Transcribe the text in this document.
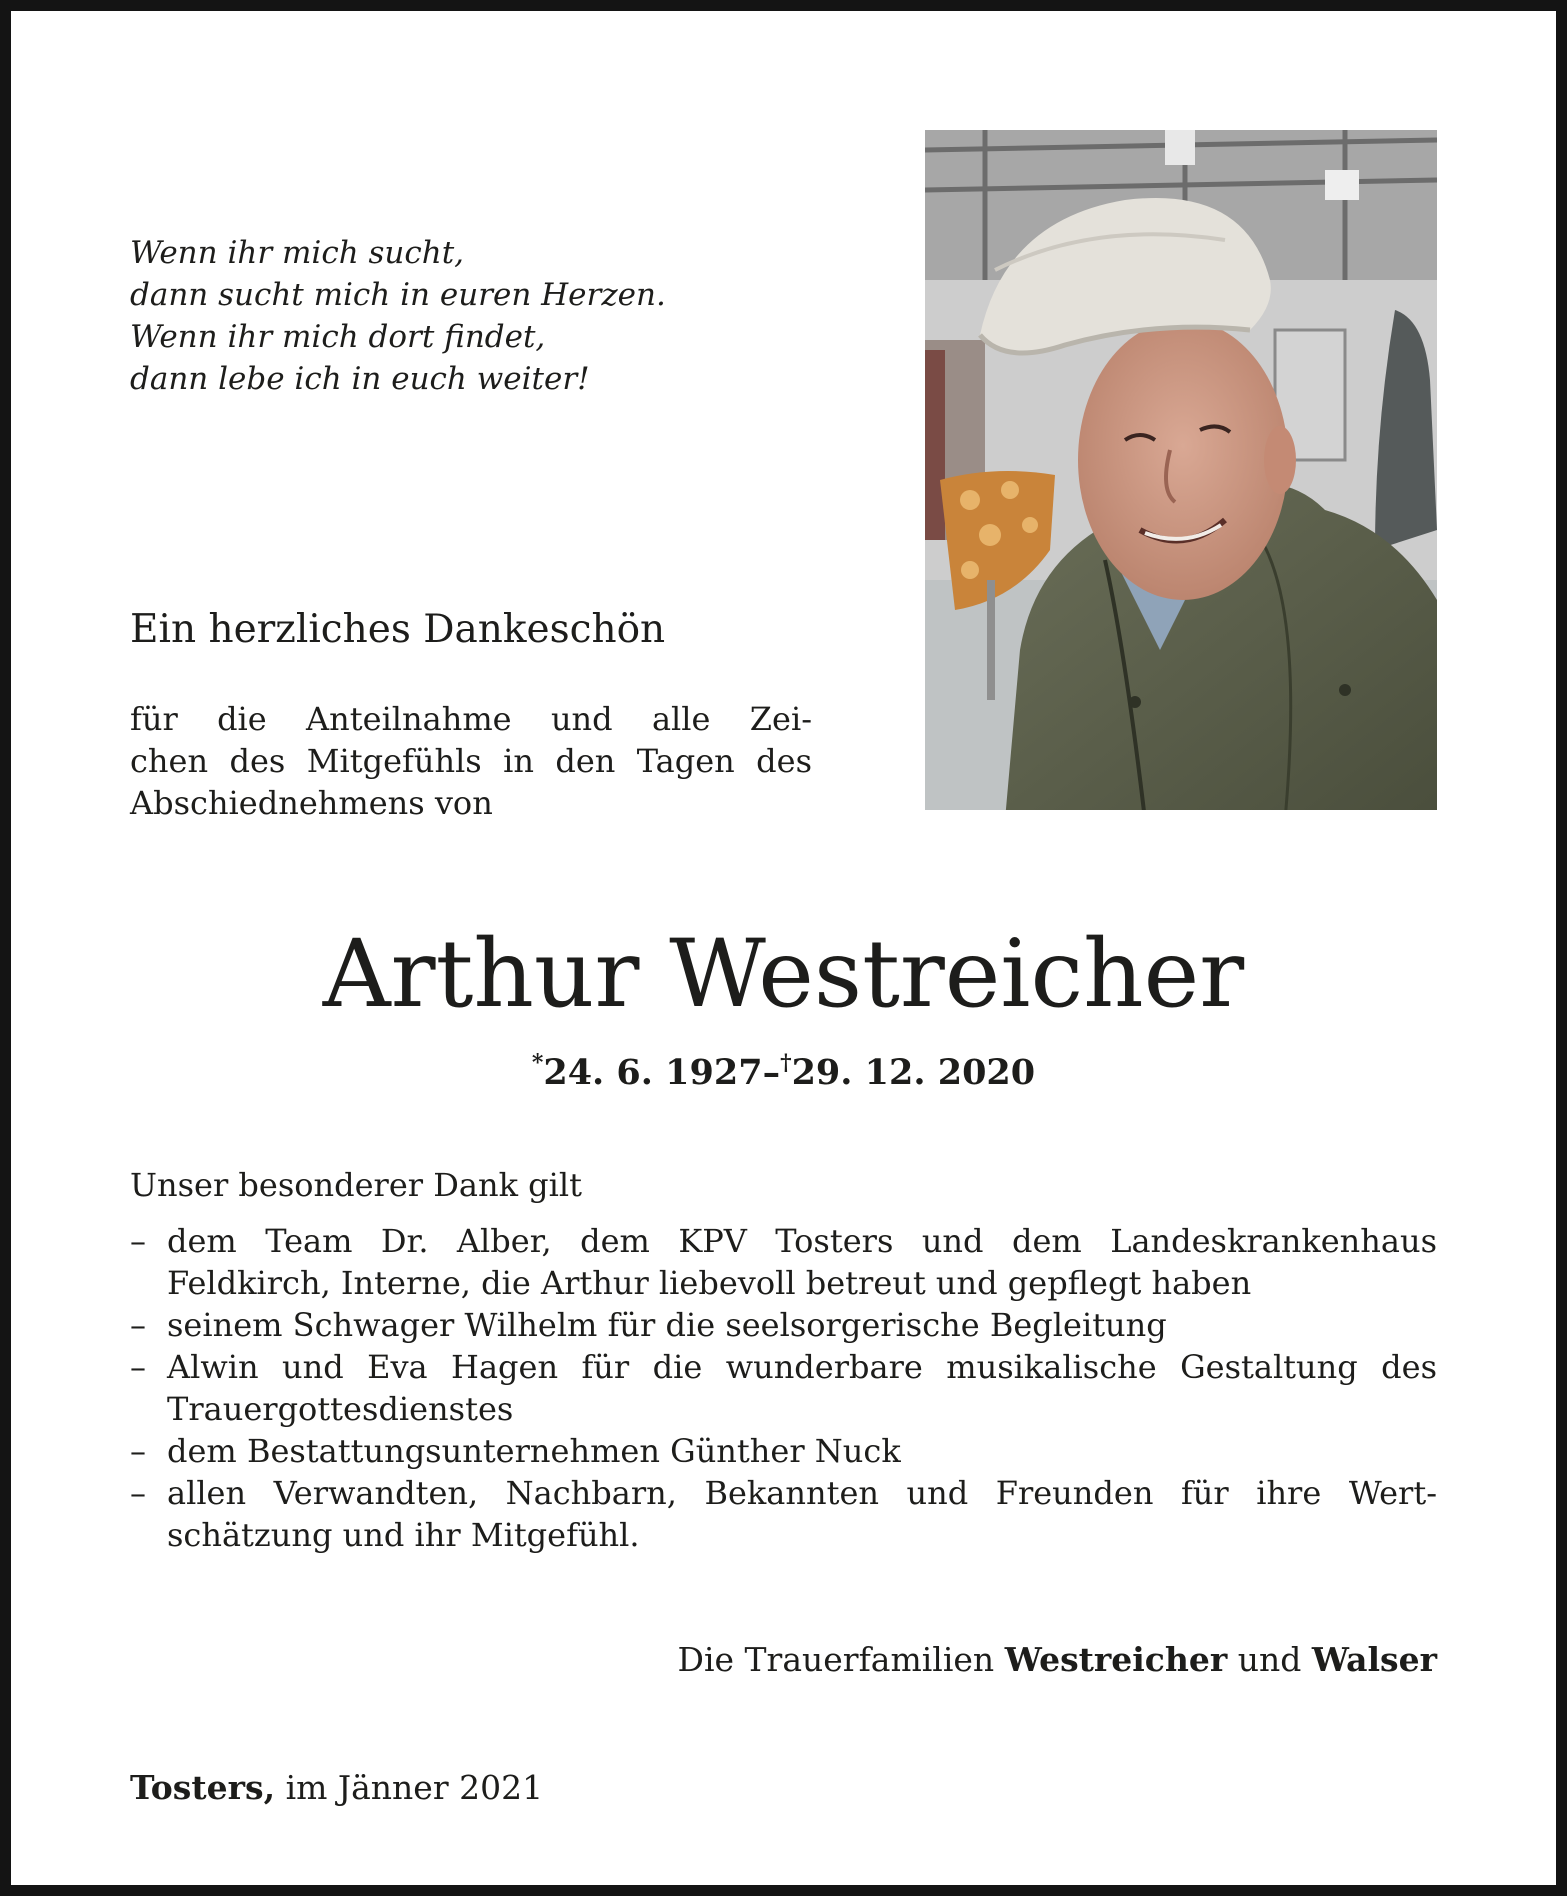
Wenn ihr mich sucht,
dann sucht mich in euren Herzen.
Wenn ihr mich dort findet,
dann lebe ich in euch weiter!
Ein herzliches Dankeschön
für die Anteilnahme und alle Zei-
chen des Mitgefühls in den Tagen des
Abschiednehmens von
Arthur Westreicher
*24. 6. 1927–†29. 12. 2020
Unser besonderer Dank gilt
– dem Team Dr. Alber, dem KPV Tosters und dem Landeskrankenhaus
Feldkirch, Interne, die Arthur liebevoll betreut und gepflegt haben
– seinem Schwager Wilhelm für die seelsorgerische Begleitung
– Alwin und Eva Hagen für die wunderbare musikalische Gestaltung des
Trauergottesdienstes
– dem Bestattungsunternehmen Günther Nuck
– allen Verwandten, Nachbarn, Bekannten und Freunden für ihre Wert-
schätzung und ihr Mitgefühl.
Die Trauerfamilien Westreicher und Walser
Tosters, im Jänner 2021
